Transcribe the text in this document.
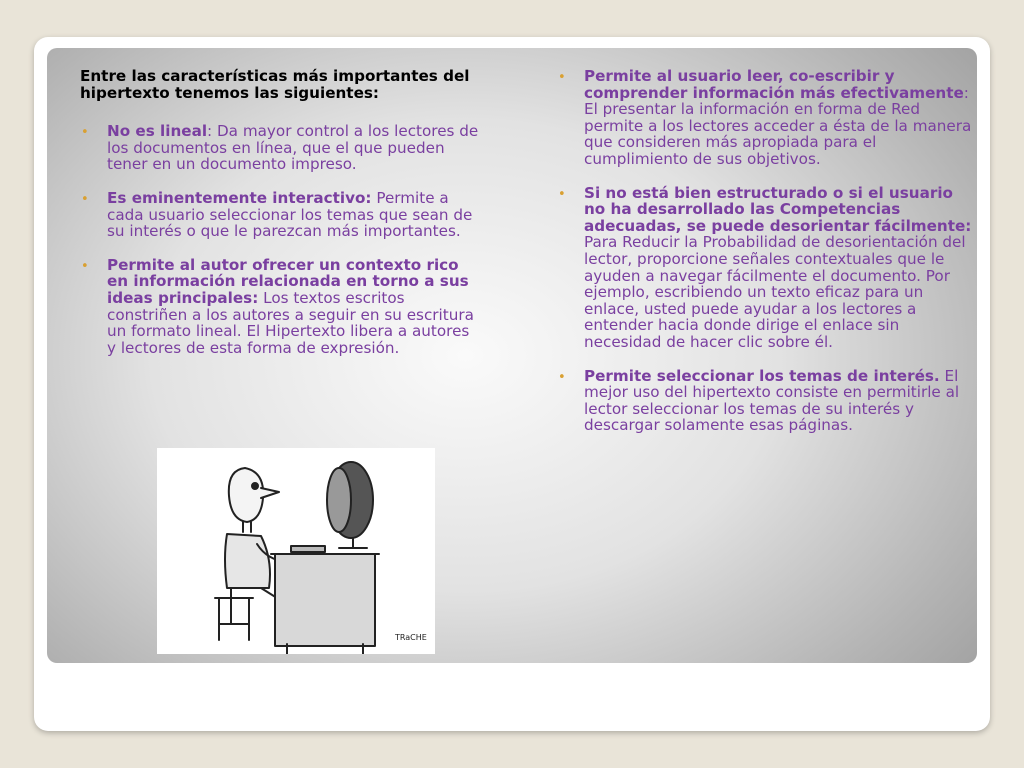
Entre las características más importantes del hipertexto tenemos las siguientes:

• No es lineal: Da mayor control a los lectores de los documentos en línea, que el que pueden tener en un documento impreso.
• Es eminentemente interactivo: Permite a cada usuario seleccionar los temas que sean de su interés o que le parezcan más importantes.
• Permite al autor ofrecer un contexto rico en información relacionada en torno a sus ideas principales: Los textos escritos constriñen a los autores a seguir en su escritura un formato lineal. El Hipertexto libera a autores y lectores de esta forma de expresión.
• Permite al usuario leer, co-escribir y comprender información más efectivamente: El presentar la información en forma de Red permite a los lectores acceder a ésta de la manera que consideren más apropiada para el cumplimiento de sus objetivos.
• Si no está bien estructurado o si el usuario no ha desarrollado las Competencias adecuadas, se puede desorientar fácilmente: Para Reducir la Probabilidad de desorientación del lector, proporcione señales contextuales que le ayuden a navegar fácilmente el documento. Por ejemplo, escribiendo un texto eficaz para un enlace, usted puede ayudar a los lectores a entender hacia donde dirige el enlace sin necesidad de hacer clic sobre él.
• Permite seleccionar los temas de interés. El mejor uso del hipertexto consiste en permitirle al lector seleccionar los temas de su interés y descargar solamente esas páginas.
TRaCHE
